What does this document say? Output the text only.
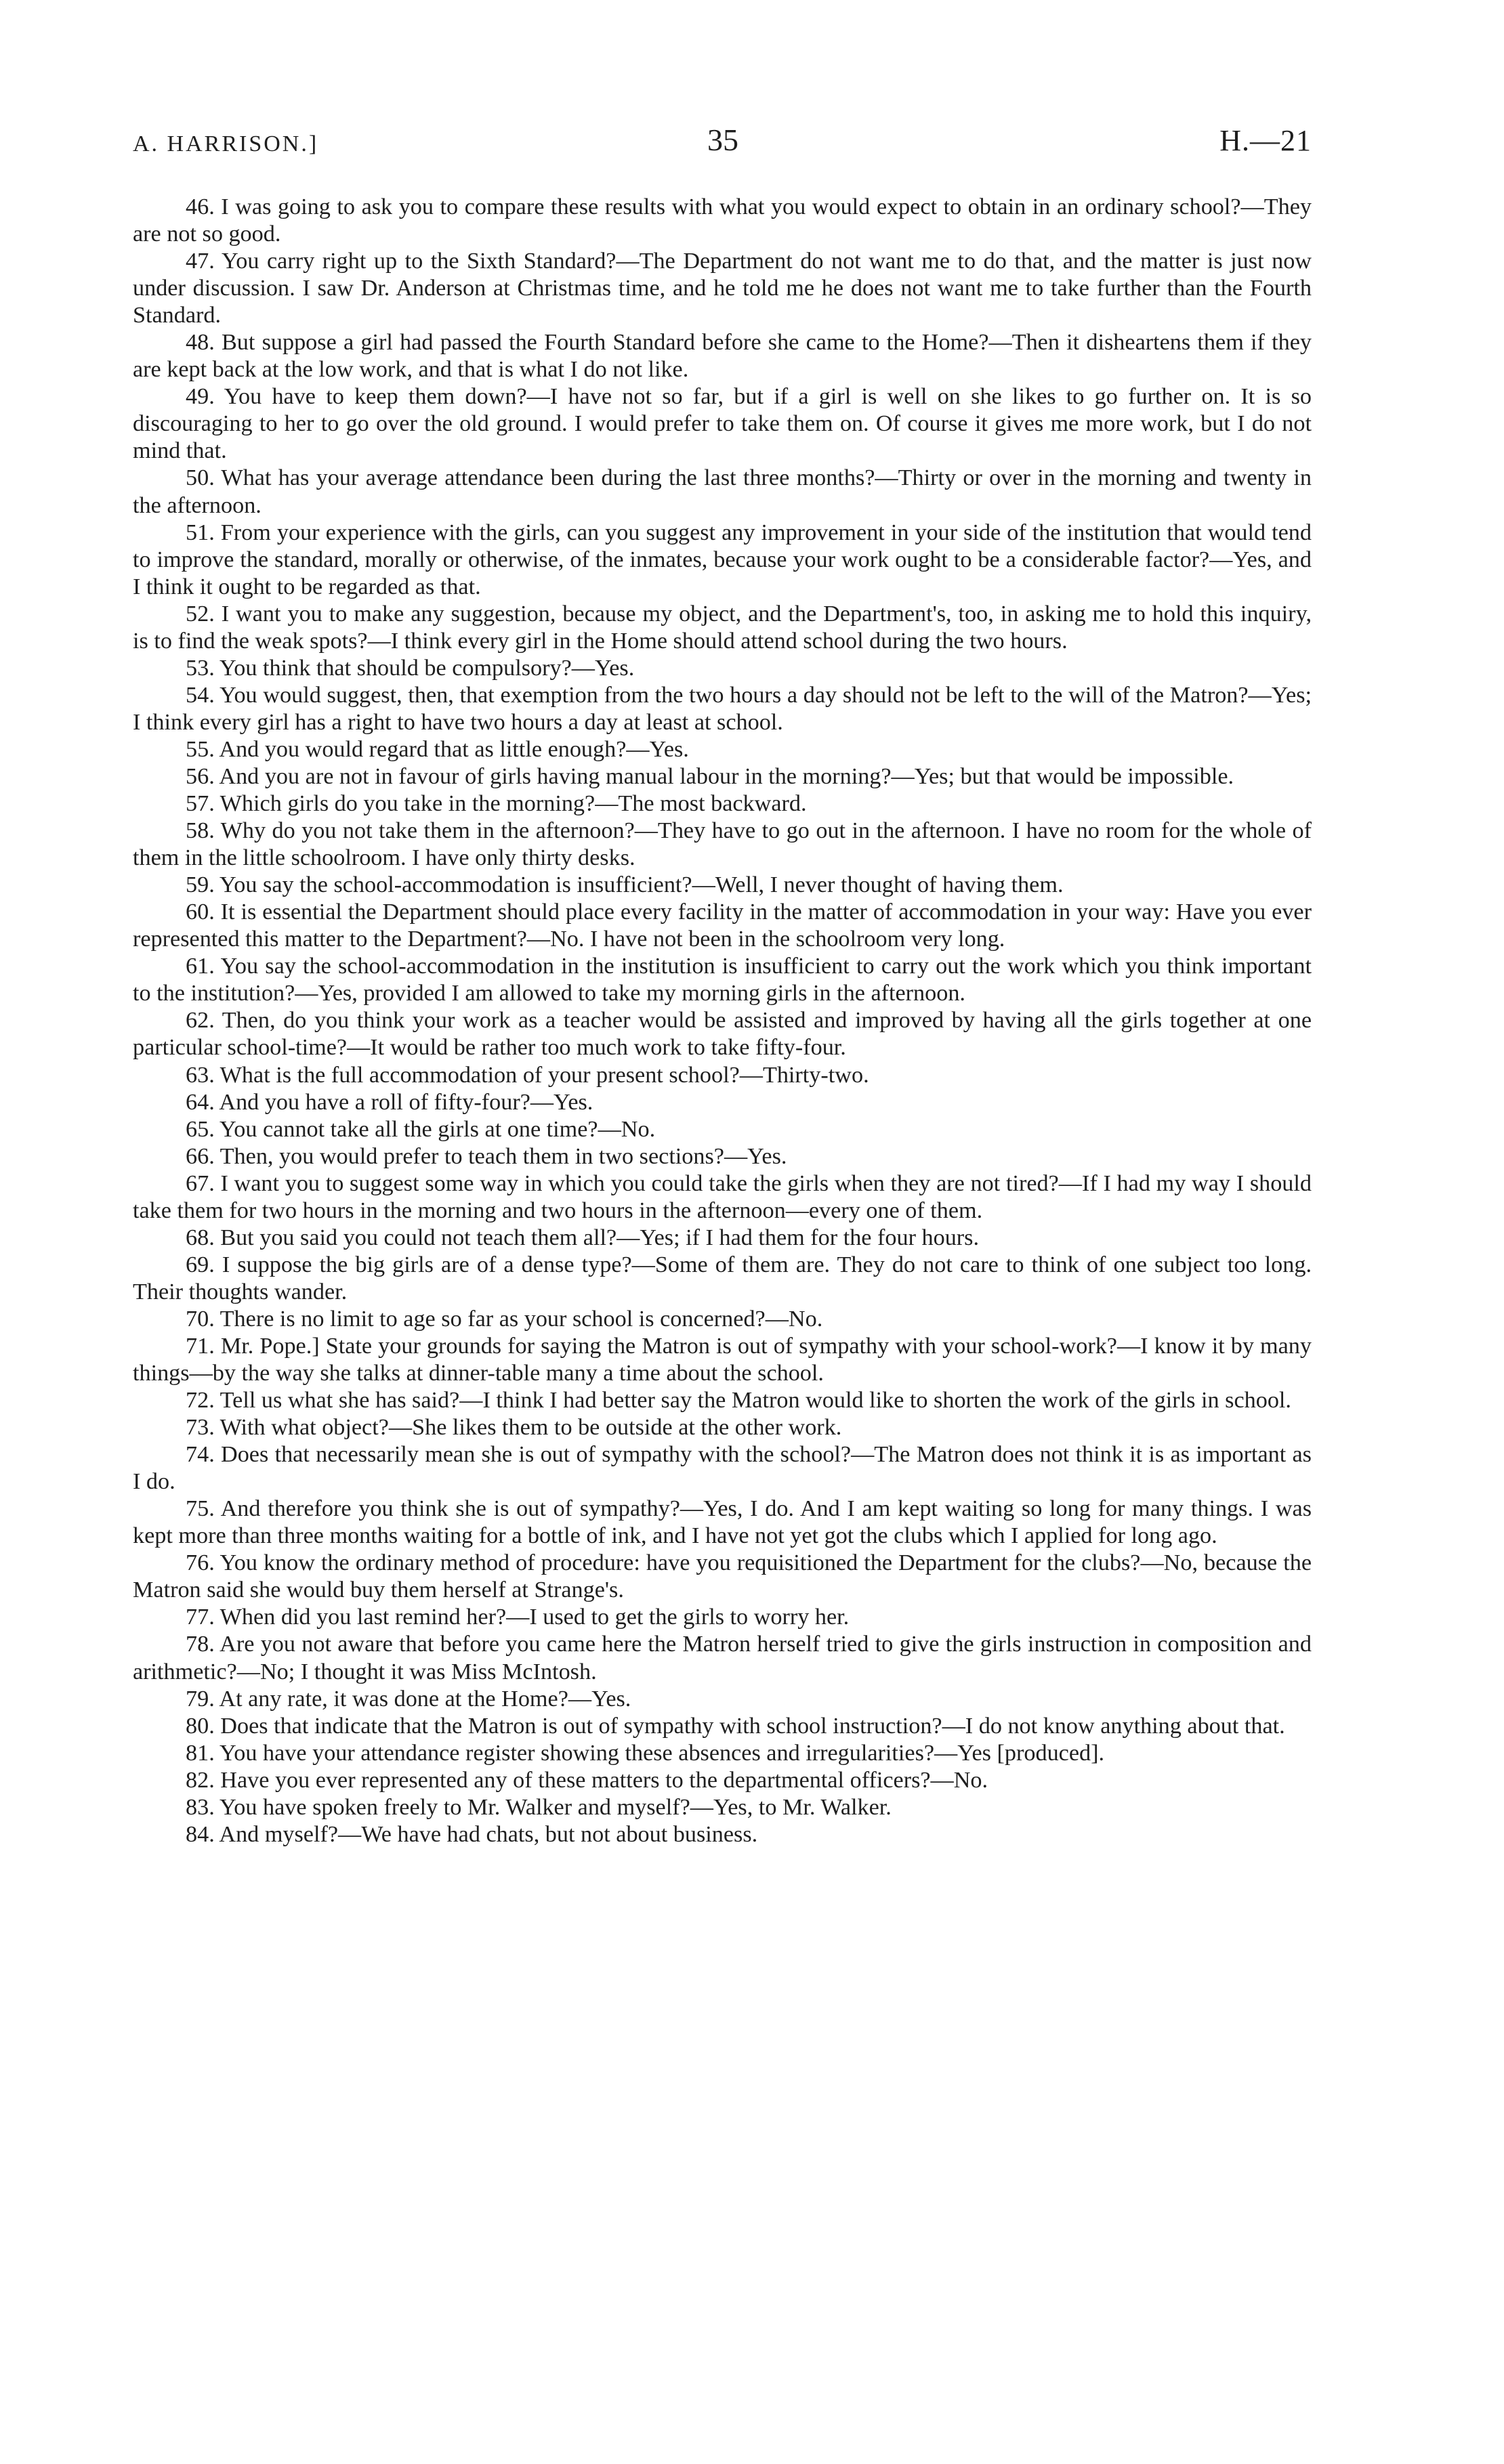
A. HARRISON.]	35	H.—21

46. I was going to ask you to compare these results with what you would expect to obtain in an ordinary school?—They are not so good.

47. You carry right up to the Sixth Standard?—The Department do not want me to do that, and the matter is just now under discussion. I saw Dr. Anderson at Christmas time, and he told me he does not want me to take further than the Fourth Standard.

48. But suppose a girl had passed the Fourth Standard before she came to the Home?—Then it disheartens them if they are kept back at the low work, and that is what I do not like.

49. You have to keep them down?—I have not so far, but if a girl is well on she likes to go further on. It is so discouraging to her to go over the old ground. I would prefer to take them on. Of course it gives me more work, but I do not mind that.

50. What has your average attendance been during the last three months?—Thirty or over in the morning and twenty in the afternoon.

51. From your experience with the girls, can you suggest any improvement in your side of the institution that would tend to improve the standard, morally or otherwise, of the inmates, because your work ought to be a considerable factor?—Yes, and I think it ought to be regarded as that.

52. I want you to make any suggestion, because my object, and the Department's, too, in asking me to hold this inquiry, is to find the weak spots?—I think every girl in the Home should attend school during the two hours.

53. You think that should be compulsory?—Yes.

54. You would suggest, then, that exemption from the two hours a day should not be left to the will of the Matron?—Yes; I think every girl has a right to have two hours a day at least at school.

55. And you would regard that as little enough?—Yes.

56. And you are not in favour of girls having manual labour in the morning?—Yes; but that would be impossible.

57. Which girls do you take in the morning?—The most backward.

58. Why do you not take them in the afternoon?—They have to go out in the afternoon. I have no room for the whole of them in the little schoolroom. I have only thirty desks.

59. You say the school-accommodation is insufficient?—Well, I never thought of having them.

60. It is essential the Department should place every facility in the matter of accommodation in your way: Have you ever represented this matter to the Department?—No. I have not been in the schoolroom very long.

61. You say the school-accommodation in the institution is insufficient to carry out the work which you think important to the institution?—Yes, provided I am allowed to take my morning girls in the afternoon.

62. Then, do you think your work as a teacher would be assisted and improved by having all the girls together at one particular school-time?—It would be rather too much work to take fifty-four.

63. What is the full accommodation of your present school?—Thirty-two.

64. And you have a roll of fifty-four?—Yes.

65. You cannot take all the girls at one time?—No.

66. Then, you would prefer to teach them in two sections?—Yes.

67. I want you to suggest some way in which you could take the girls when they are not tired?—If I had my way I should take them for two hours in the morning and two hours in the afternoon—every one of them.

68. But you said you could not teach them all?—Yes; if I had them for the four hours.

69. I suppose the big girls are of a dense type?—Some of them are. They do not care to think of one subject too long. Their thoughts wander.

70. There is no limit to age so far as your school is concerned?—No.

71. Mr. Pope.] State your grounds for saying the Matron is out of sympathy with your school-work?—I know it by many things—by the way she talks at dinner-table many a time about the school.

72. Tell us what she has said?—I think I had better say the Matron would like to shorten the work of the girls in school.

73. With what object?—She likes them to be outside at the other work.

74. Does that necessarily mean she is out of sympathy with the school?—The Matron does not think it is as important as I do.

75. And therefore you think she is out of sympathy?—Yes, I do. And I am kept waiting so long for many things. I was kept more than three months waiting for a bottle of ink, and I have not yet got the clubs which I applied for long ago.

76. You know the ordinary method of procedure: have you requisitioned the Department for the clubs?—No, because the Matron said she would buy them herself at Strange's.

77. When did you last remind her?—I used to get the girls to worry her.

78. Are you not aware that before you came here the Matron herself tried to give the girls instruction in composition and arithmetic?—No; I thought it was Miss McIntosh.

79. At any rate, it was done at the Home?—Yes.

80. Does that indicate that the Matron is out of sympathy with school instruction?—I do not know anything about that.

81. You have your attendance register showing these absences and irregularities?—Yes [produced].

82. Have you ever represented any of these matters to the departmental officers?—No.

83. You have spoken freely to Mr. Walker and myself?—Yes, to Mr. Walker.

84. And myself?—We have had chats, but not about business.
